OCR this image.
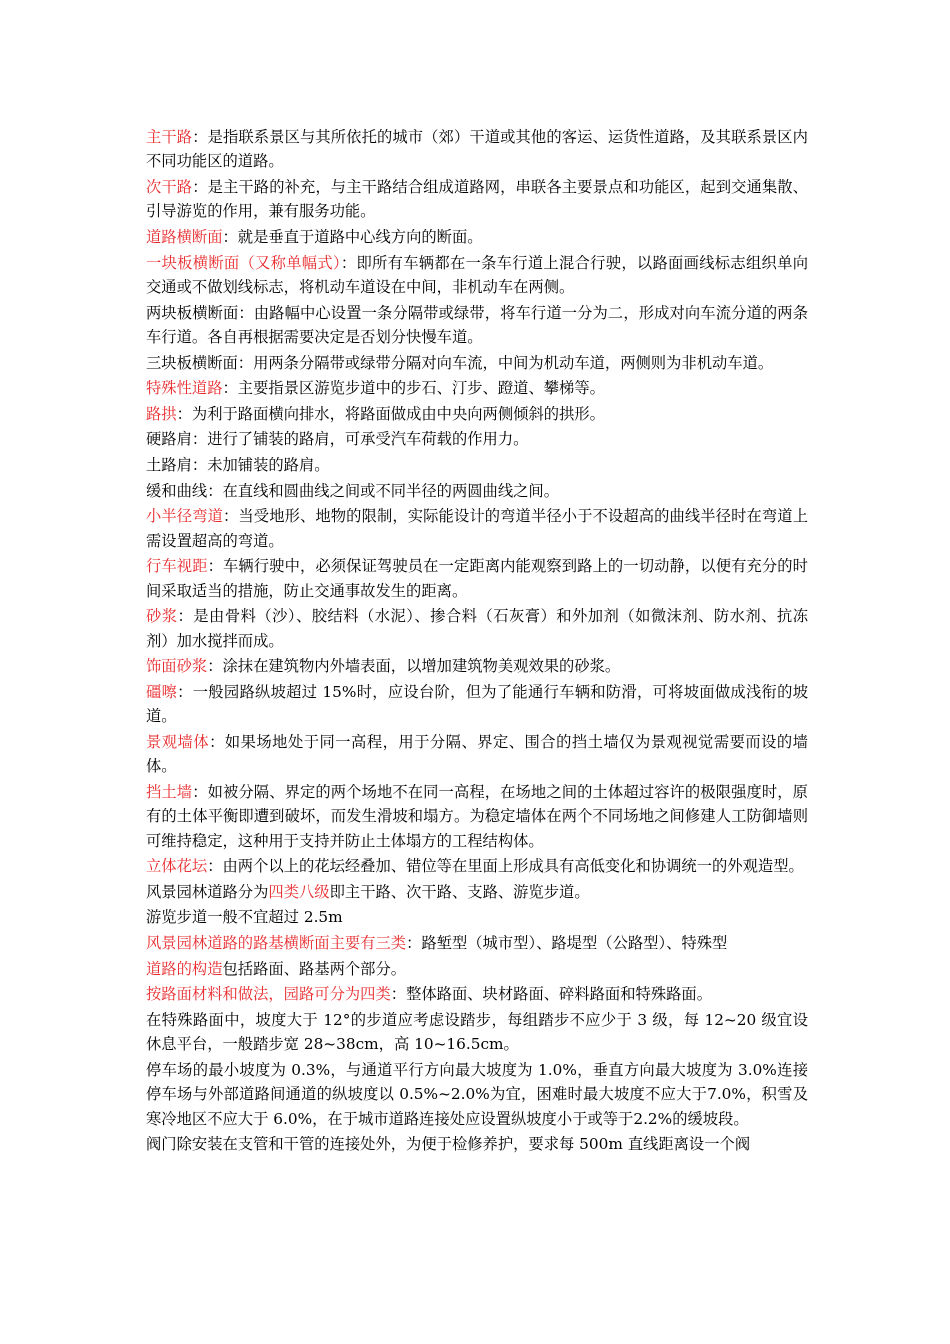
主干路：是指联系景区与其所依托的城市（郊）干道或其他的客运、运货性道路，及其联系景区内不同功能区的道路。

次干路：是主干路的补充，与主干路结合组成道路网，串联各主要景点和功能区，起到交通集散、引导游览的作用，兼有服务功能。

道路横断面：就是垂直于道路中心线方向的断面。

一块板横断面（又称单幅式）：即所有车辆都在一条车行道上混合行驶，以路面画线标志组织单向交通或不做划线标志，将机动车道设在中间，非机动车在两侧。

两块板横断面：由路幅中心设置一条分隔带或绿带，将车行道一分为二，形成对向车流分道的两条车行道。各自再根据需要决定是否划分快慢车道。

三块板横断面：用两条分隔带或绿带分隔对向车流，中间为机动车道，两侧则为非机动车道。

特殊性道路：主要指景区游览步道中的步石、汀步、蹬道、攀梯等。

路拱：为利于路面横向排水，将路面做成由中央向两侧倾斜的拱形。

硬路肩：进行了铺装的路肩，可承受汽车荷载的作用力。

土路肩：未加铺装的路肩。

缓和曲线：在直线和圆曲线之间或不同半径的两圆曲线之间。

小半径弯道：当受地形、地物的限制，实际能设计的弯道半径小于不设超高的曲线半径时在弯道上需设置超高的弯道。

行车视距：车辆行驶中，必须保证驾驶员在一定距离内能观察到路上的一切动静，以便有充分的时间采取适当的措施，防止交通事故发生的距离。

砂浆：是由骨料（沙）、胶结料（水泥）、掺合料（石灰膏）和外加剂（如微沫剂、防水剂、抗冻剂）加水搅拌而成。

饰面砂浆：涂抹在建筑物内外墙表面，以增加建筑物美观效果的砂浆。

礓嚓：一般园路纵坡超过 15%时，应设台阶，但为了能通行车辆和防滑，可将坡面做成浅衔的坡道。

景观墙体：如果场地处于同一高程，用于分隔、界定、围合的挡土墙仅为景观视觉需要而设的墙体。

挡土墙：如被分隔、界定的两个场地不在同一高程，在场地之间的土体超过容许的极限强度时，原有的土体平衡即遭到破坏，而发生滑坡和塌方。为稳定墙体在两个不同场地之间修建人工防御墙则可维持稳定，这种用于支持并防止土体塌方的工程结构体。

立体花坛：由两个以上的花坛经叠加、错位等在里面上形成具有高低变化和协调统一的外观造型。

风景园林道路分为四类八级即主干路、次干路、支路、游览步道。

游览步道一般不宜超过 2.5m

风景园林道路的路基横断面主要有三类：路堑型（城市型）、路堤型（公路型）、特殊型

道路的构造包括路面、路基两个部分。

按路面材料和做法，园路可分为四类：整体路面、块材路面、碎料路面和特殊路面。

在特殊路面中，坡度大于 12°的步道应考虑设踏步，每组踏步不应少于 3 级，每 12~20 级宜设休息平台，一般踏步宽 28~38cm，高 10~16.5cm。

停车场的最小坡度为 0.3%，与通道平行方向最大坡度为 1.0%，垂直方向最大坡度为 3.0%连接停车场与外部道路间通道的纵坡度以 0.5%~2.0%为宜，困难时最大坡度不应大于7.0%，积雪及寒冷地区不应大于 6.0%，在于城市道路连接处应设置纵坡度小于或等于2.2%的缓坡段。

阀门除安装在支管和干管的连接处外，为便于检修养护，要求每 500m 直线距离设一个阀
